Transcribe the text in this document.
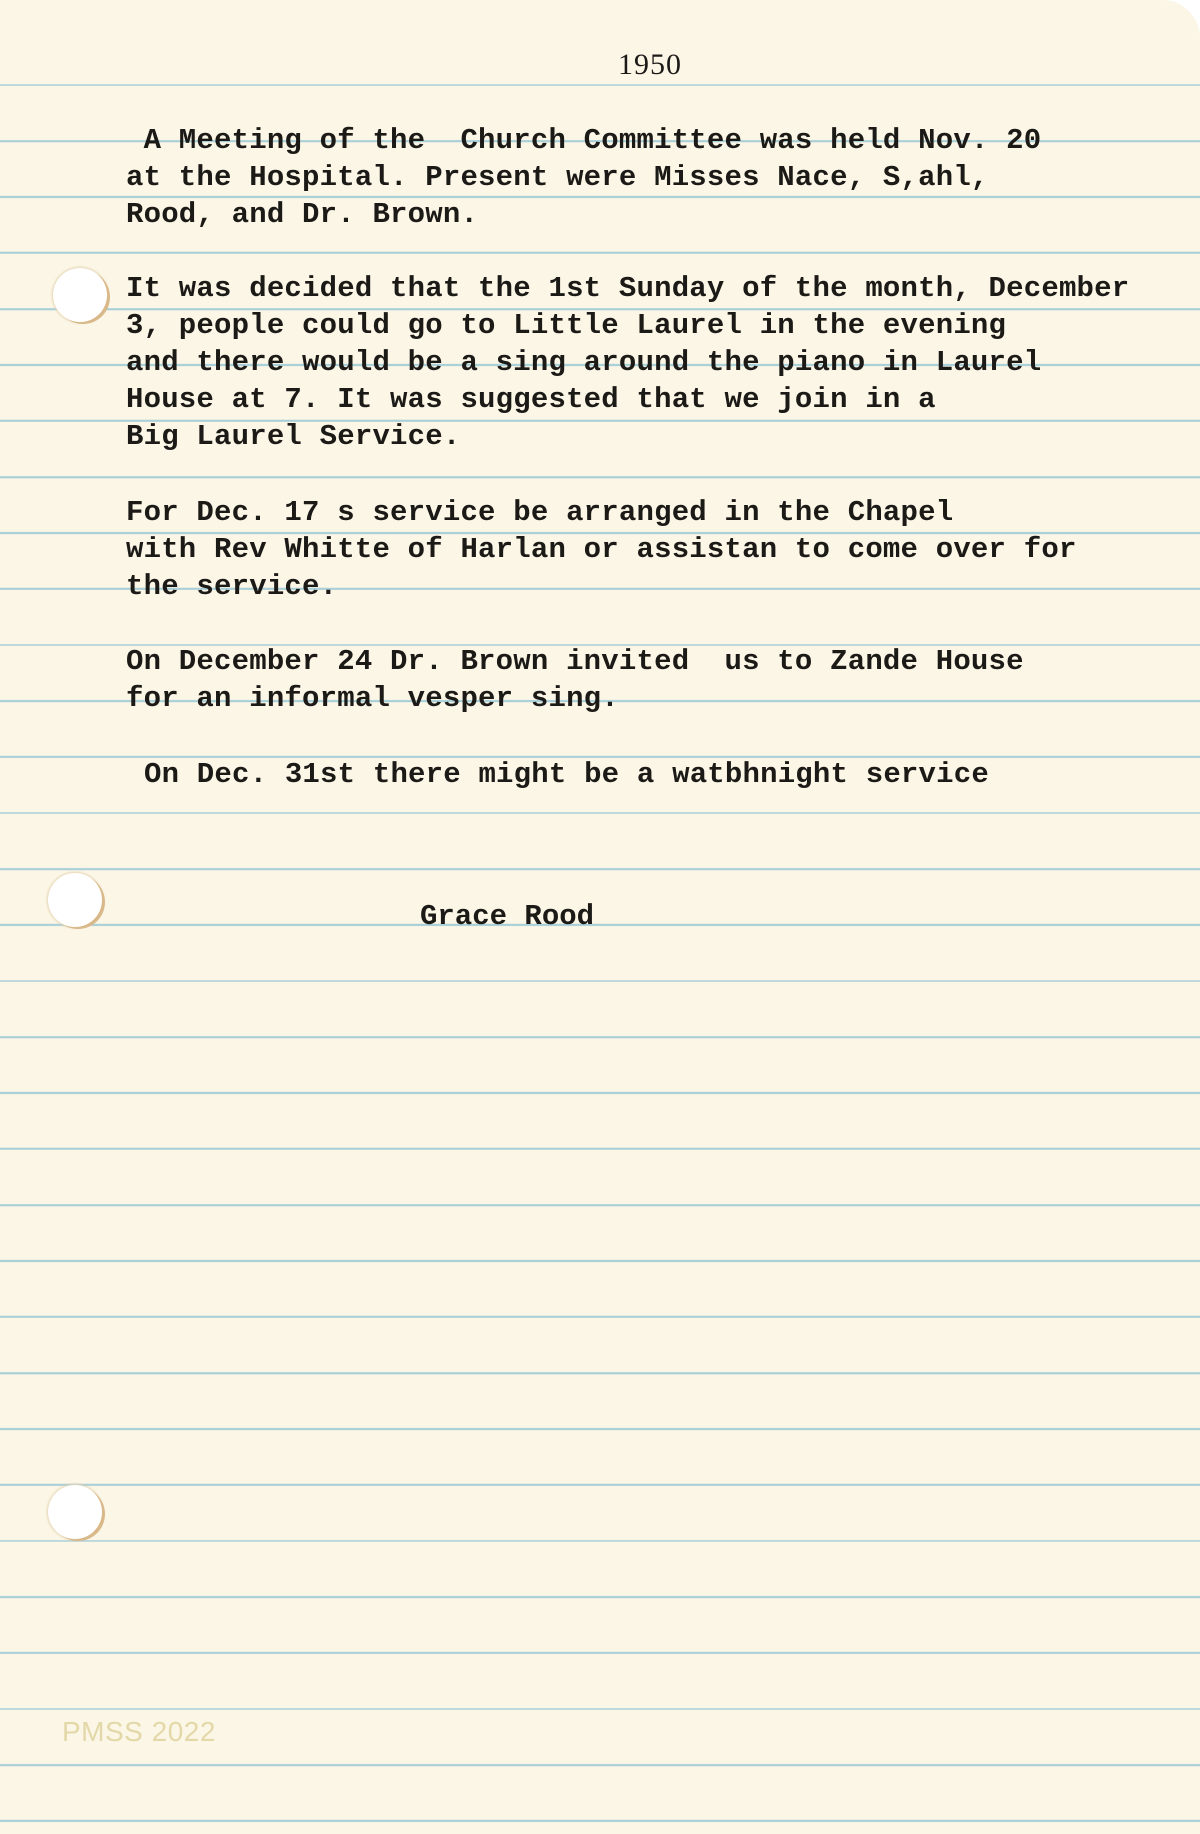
1950

A Meeting of the  Church Committee was held Nov. 20
at the Hospital. Present were Misses Nace, S,ahl,
Rood, and Dr. Brown.

It was decided that the 1st Sunday of the month, December
3, people could go to Little Laurel in the evening
and there would be a sing around the piano in Laurel
House at 7. It was suggested that we join in a
Big Laurel Service.

For Dec. 17 s service be arranged in the Chapel
with Rev Whitte of Harlan or assistan to come over for
the service.

On December 24 Dr. Brown invited  us to Zande House
for an informal vesper sing.

On Dec. 31st there might be a watbhnight service

Grace Rood
PMSS 2022
